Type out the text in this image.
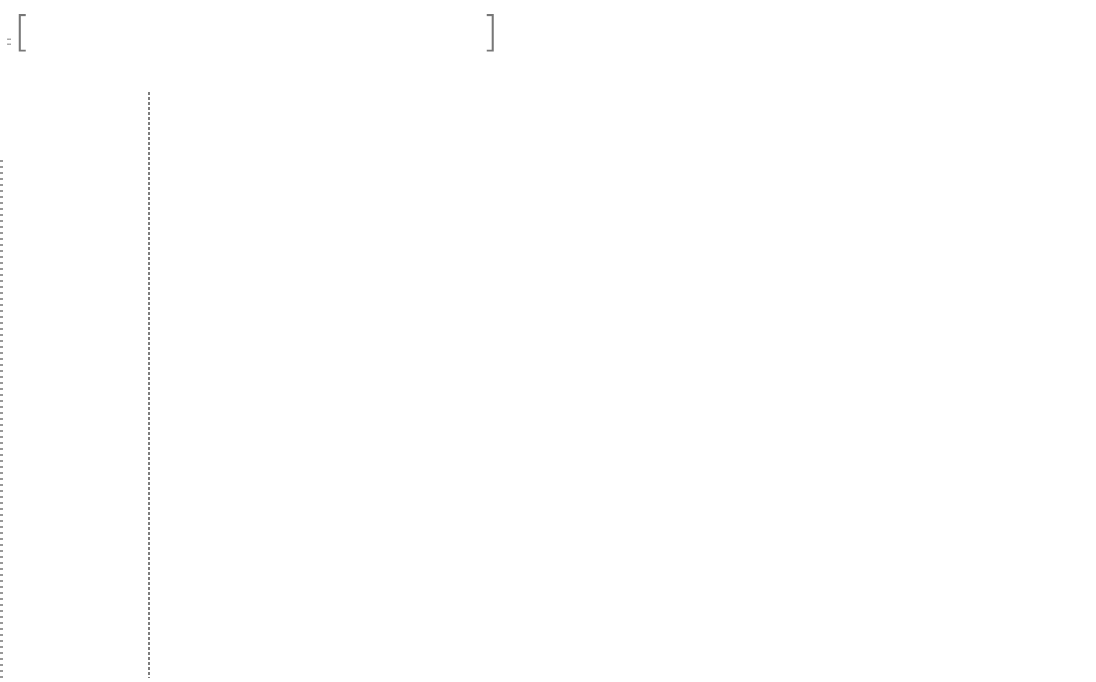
:: [	]
